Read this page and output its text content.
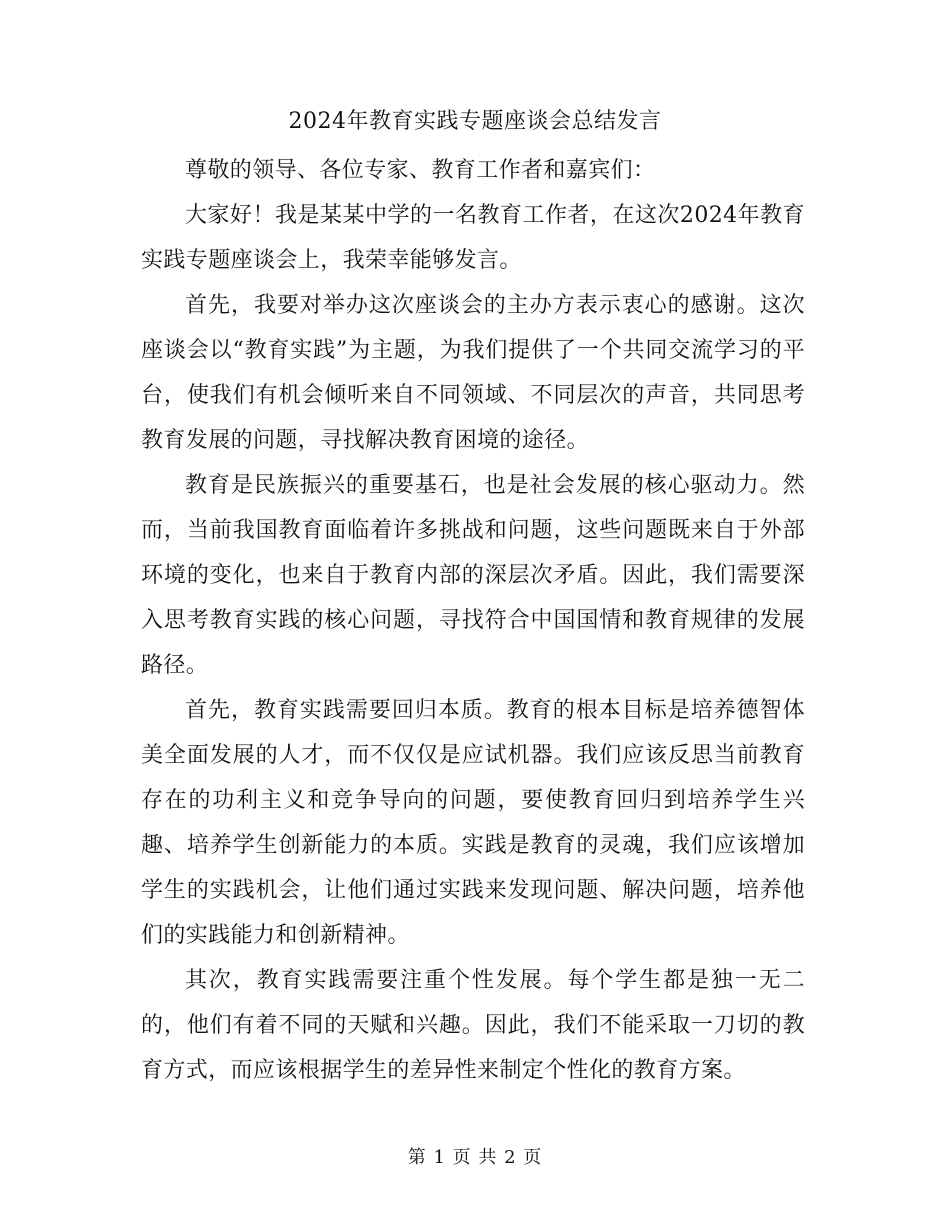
2024年教育实践专题座谈会总结发言

尊敬的领导、各位专家、教育工作者和嘉宾们：

大家好！我是某某中学的一名教育工作者，在这次2024年教育实践专题座谈会上，我荣幸能够发言。

首先，我要对举办这次座谈会的主办方表示衷心的感谢。这次座谈会以“教育实践”为主题，为我们提供了一个共同交流学习的平台，使我们有机会倾听来自不同领域、不同层次的声音，共同思考教育发展的问题，寻找解决教育困境的途径。

教育是民族振兴的重要基石，也是社会发展的核心驱动力。然而，当前我国教育面临着许多挑战和问题，这些问题既来自于外部环境的变化，也来自于教育内部的深层次矛盾。因此，我们需要深入思考教育实践的核心问题，寻找符合中国国情和教育规律的发展路径。

首先，教育实践需要回归本质。教育的根本目标是培养德智体美全面发展的人才，而不仅仅是应试机器。我们应该反思当前教育存在的功利主义和竞争导向的问题，要使教育回归到培养学生兴趣、培养学生创新能力的本质。实践是教育的灵魂，我们应该增加学生的实践机会，让他们通过实践来发现问题、解决问题，培养他们的实践能力和创新精神。

其次，教育实践需要注重个性发展。每个学生都是独一无二的，他们有着不同的天赋和兴趣。因此，我们不能采取一刀切的教育方式，而应该根据学生的差异性来制定个性化的教育方案。

第 1 页 共 2 页
